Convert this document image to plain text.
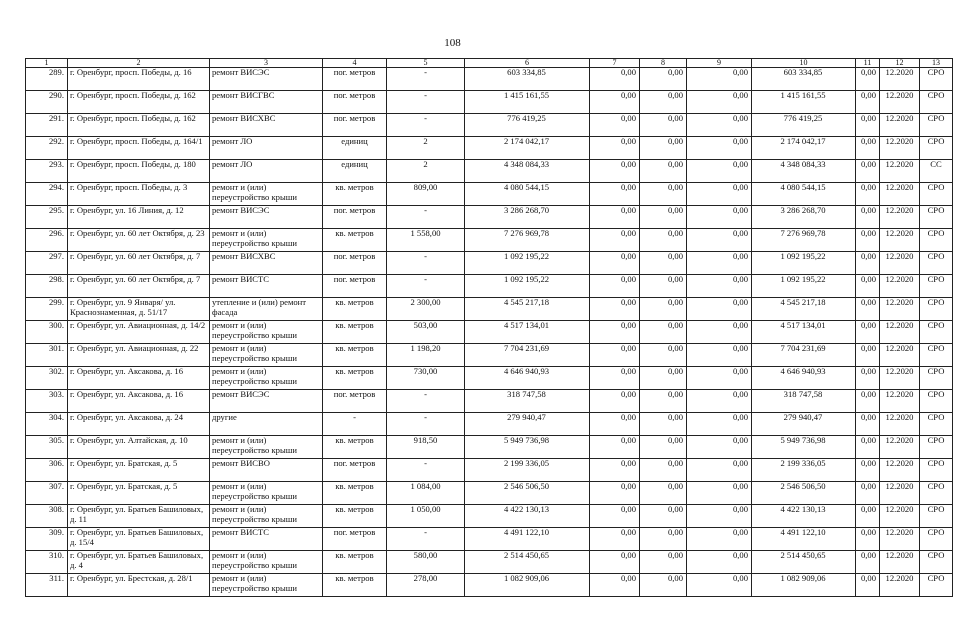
108
1	2	3	4	5	6	7	8	9	10	11	12	13
289.	г. Оренбург, просп. Победы, д. 16	ремонт ВИСЭС	пог. метров	-	603 334,85	0,00	0,00	0,00	603 334,85	0,00	12.2020	СРО
290.	г. Оренбург, просп. Победы, д. 162	ремонт ВИСГВС	пог. метров	-	1 415 161,55	0,00	0,00	0,00	1 415 161,55	0,00	12.2020	СРО
291.	г. Оренбург, просп. Победы, д. 162	ремонт ВИСХВС	пог. метров	-	776 419,25	0,00	0,00	0,00	776 419,25	0,00	12.2020	СРО
292.	г. Оренбург, просп. Победы, д. 164/1	ремонт ЛО	единиц	2	2 174 042,17	0,00	0,00	0,00	2 174 042,17	0,00	12.2020	СРО
293.	г. Оренбург, просп. Победы, д. 180	ремонт ЛО	единиц	2	4 348 084,33	0,00	0,00	0,00	4 348 084,33	0,00	12.2020	СС
294.	г. Оренбург, просп. Победы, д. 3	ремонт и (или) переустройство крыши	кв. метров	809,00	4 080 544,15	0,00	0,00	0,00	4 080 544,15	0,00	12.2020	СРО
295.	г. Оренбург, ул. 16 Линия, д. 12	ремонт ВИСЭС	пог. метров	-	3 286 268,70	0,00	0,00	0,00	3 286 268,70	0,00	12.2020	СРО
296.	г. Оренбург, ул. 60 лет Октября, д. 23	ремонт и (или) переустройство крыши	кв. метров	1 558,00	7 276 969,78	0,00	0,00	0,00	7 276 969,78	0,00	12.2020	СРО
297.	г. Оренбург, ул. 60 лет Октября, д. 7	ремонт ВИСХВС	пог. метров	-	1 092 195,22	0,00	0,00	0,00	1 092 195,22	0,00	12.2020	СРО
298.	г. Оренбург, ул. 60 лет Октября, д. 7	ремонт ВИСТС	пог. метров	-	1 092 195,22	0,00	0,00	0,00	1 092 195,22	0,00	12.2020	СРО
299.	г. Оренбург, ул. 9 Января/ ул. Краснознаменная, д. 51/17	утепление и (или) ремонт фасада	кв. метров	2 300,00	4 545 217,18	0,00	0,00	0,00	4 545 217,18	0,00	12.2020	СРО
300.	г. Оренбург, ул. Авиационная, д. 14/2	ремонт и (или) переустройство крыши	кв. метров	503,00	4 517 134,01	0,00	0,00	0,00	4 517 134,01	0,00	12.2020	СРО
301.	г. Оренбург, ул. Авиационная, д. 22	ремонт и (или) переустройство крыши	кв. метров	1 198,20	7 704 231,69	0,00	0,00	0,00	7 704 231,69	0,00	12.2020	СРО
302.	г. Оренбург, ул. Аксакова, д. 16	ремонт и (или) переустройство крыши	кв. метров	730,00	4 646 940,93	0,00	0,00	0,00	4 646 940,93	0,00	12.2020	СРО
303.	г. Оренбург, ул. Аксакова, д. 16	ремонт ВИСЭС	пог. метров	-	318 747,58	0,00	0,00	0,00	318 747,58	0,00	12.2020	СРО
304.	г. Оренбург, ул. Аксакова, д. 24	другие	-	-	279 940,47	0,00	0,00	0,00	279 940,47	0,00	12.2020	СРО
305.	г. Оренбург, ул. Алтайская, д. 10	ремонт и (или) переустройство крыши	кв. метров	918,50	5 949 736,98	0,00	0,00	0,00	5 949 736,98	0,00	12.2020	СРО
306.	г. Оренбург, ул. Братская, д. 5	ремонт ВИСВО	пог. метров	-	2 199 336,05	0,00	0,00	0,00	2 199 336,05	0,00	12.2020	СРО
307.	г. Оренбург, ул. Братская, д. 5	ремонт и (или) переустройство крыши	кв. метров	1 084,00	2 546 506,50	0,00	0,00	0,00	2 546 506,50	0,00	12.2020	СРО
308.	г. Оренбург, ул. Братьев Башиловых, д. 11	ремонт и (или) переустройство крыши	кв. метров	1 050,00	4 422 130,13	0,00	0,00	0,00	4 422 130,13	0,00	12.2020	СРО
309.	г. Оренбург, ул. Братьев Башиловых, д. 15/4	ремонт ВИСТС	пог. метров	-	4 491 122,10	0,00	0,00	0,00	4 491 122,10	0,00	12.2020	СРО
310.	г. Оренбург, ул. Братьев Башиловых, д. 4	ремонт и (или) переустройство крыши	кв. метров	580,00	2 514 450,65	0,00	0,00	0,00	2 514 450,65	0,00	12.2020	СРО
311.	г. Оренбург, ул. Брестская, д. 28/1	ремонт и (или) переустройство крыши	кв. метров	278,00	1 082 909,06	0,00	0,00	0,00	1 082 909,06	0,00	12.2020	СРО
